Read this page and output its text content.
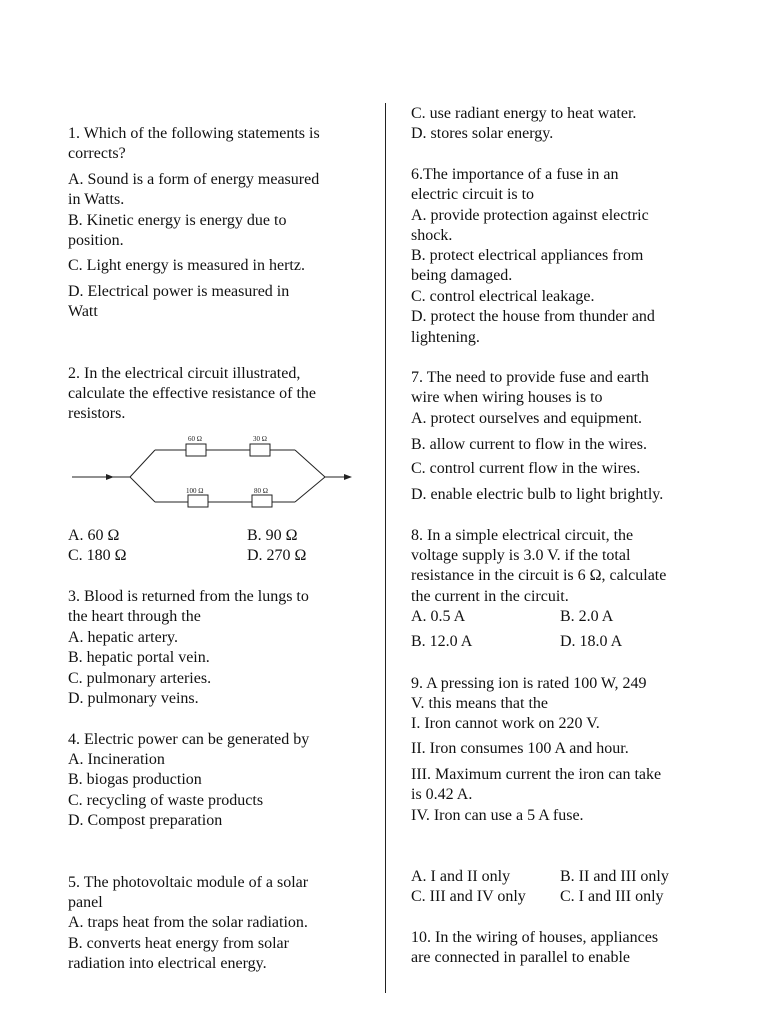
1. Which of the following statements is
corrects?
A. Sound is a form of energy measured
in Watts.
B. Kinetic energy is energy due to
position.
C. Light energy is measured in hertz.
D. Electrical power is measured in
Watt
2. In the electrical circuit illustrated,
calculate the effective resistance of the
resistors.
60 Ω	30 Ω
100 Ω	80 Ω
A. 60 Ω	B. 90 Ω
C. 180 Ω	D. 270 Ω
3. Blood is returned from the lungs to
the heart through the
A. hepatic artery.
B. hepatic portal vein.
C. pulmonary arteries.
D. pulmonary veins.
4. Electric power can be generated by
A. Incineration
B. biogas production
C. recycling of waste products
D. Compost preparation
5. The photovoltaic module of a solar
panel
A. traps heat from the solar radiation.
B. converts heat energy from solar
radiation into electrical energy.
C. use radiant energy to heat water.
D. stores solar energy.
6.The importance of a fuse in an
electric circuit is to
A. provide protection against electric
shock.
B. protect electrical appliances from
being damaged.
C. control electrical leakage.
D. protect the house from thunder and
lightening.
7. The need to provide fuse and earth
wire when wiring houses is to
A. protect ourselves and equipment.
B. allow current to flow in the wires.
C. control current flow in the wires.
D. enable electric bulb to light brightly.
8. In a simple electrical circuit, the
voltage supply is 3.0 V. if the total
resistance in the circuit is 6 Ω, calculate
the current in the circuit.
A. 0.5 A	B. 2.0 A
B. 12.0 A	D. 18.0 A
9. A pressing ion is rated 100 W, 249
V. this means that the
I. Iron cannot work on 220 V.
II. Iron consumes 100 A and hour.
III. Maximum current the iron can take
is 0.42 A.
IV. Iron can use a 5 A fuse.
A. I and II only	B. II and III only
C. III and IV only C. I and III only
10. In the wiring of houses, appliances
are connected in parallel to enable
